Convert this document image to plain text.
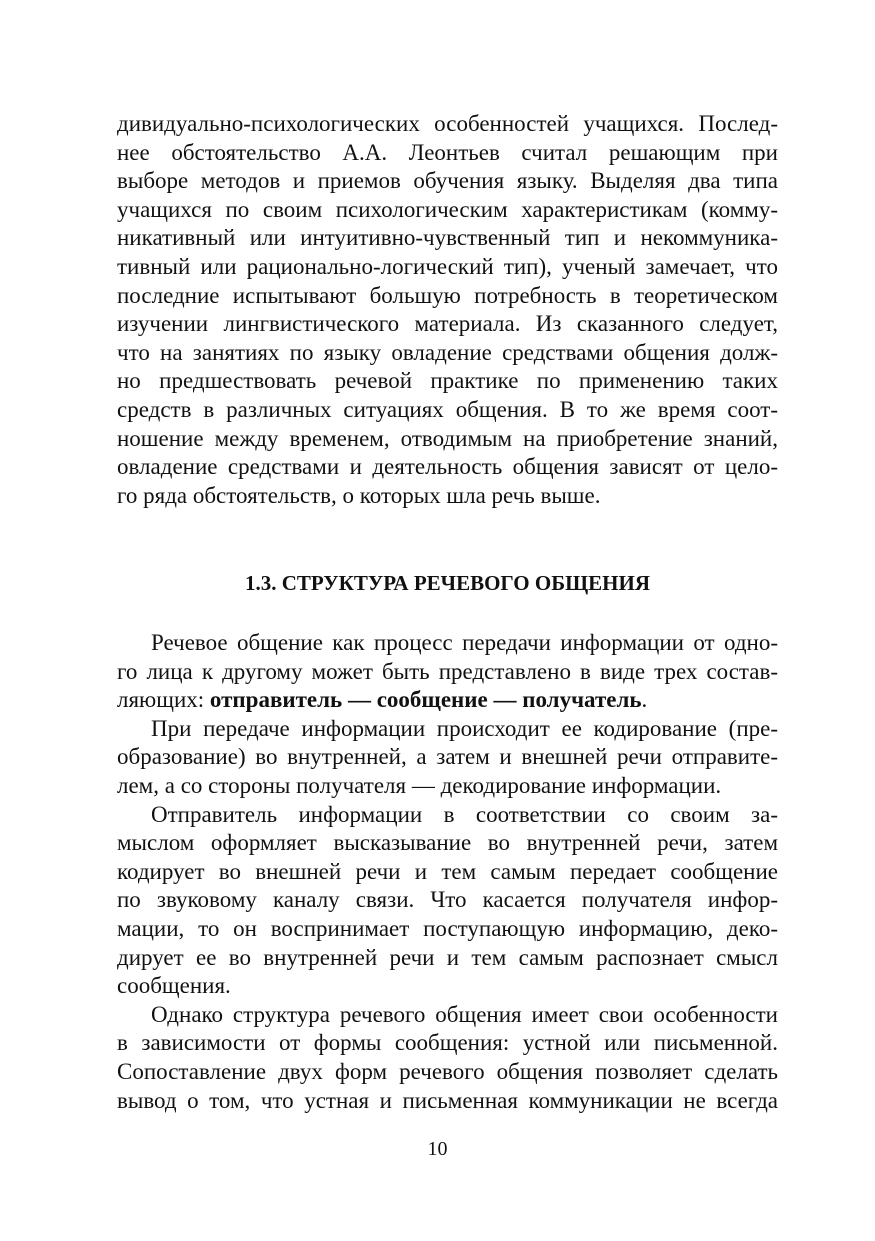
дивидуально-психологических особенностей учащихся. Послед-
нее обстоятельство А.А. Леонтьев считал решающим при
выборе методов и приемов обучения языку. Выделяя два типа
учащихся по своим психологическим характеристикам (комму-
никативный или интуитивно-чувственный тип и некоммуника-
тивный или рационально-логический тип), ученый замечает, что
последние испытывают большую потребность в теоретическом
изучении лингвистического материала. Из сказанного следует,
что на занятиях по языку овладение средствами общения долж-
но предшествовать речевой практике по применению таких
средств в различных ситуациях общения. В то же время соот-
ношение между временем, отводимым на приобретение знаний,
овладение средствами и деятельность общения зависят от цело-
го ряда обстоятельств, о которых шла речь выше.
1.3. СТРУКТУРА РЕЧЕВОГО ОБЩЕНИЯ
Речевое общение как процесс передачи информации от одно-
го лица к другому может быть представлено в виде трех состав-
ляющих: отправитель — сообщение — получатель.
При передаче информации происходит ее кодирование (пре-
образование) во внутренней, а затем и внешней речи отправите-
лем, а со стороны получателя — декодирование информации.
Отправитель информации в соответствии со своим за-
мыслом оформляет высказывание во внутренней речи, затем
кодирует во внешней речи и тем самым передает сообщение
по звуковому каналу связи. Что касается получателя инфор-
мации, то он воспринимает поступающую информацию, деко-
дирует ее во внутренней речи и тем самым распознает смысл
сообщения.
Однако структура речевого общения имеет свои особенности
в зависимости от формы сообщения: устной или письменной.
Сопоставление двух форм речевого общения позволяет сделать
вывод о том, что устная и письменная коммуникации не всегда
10
